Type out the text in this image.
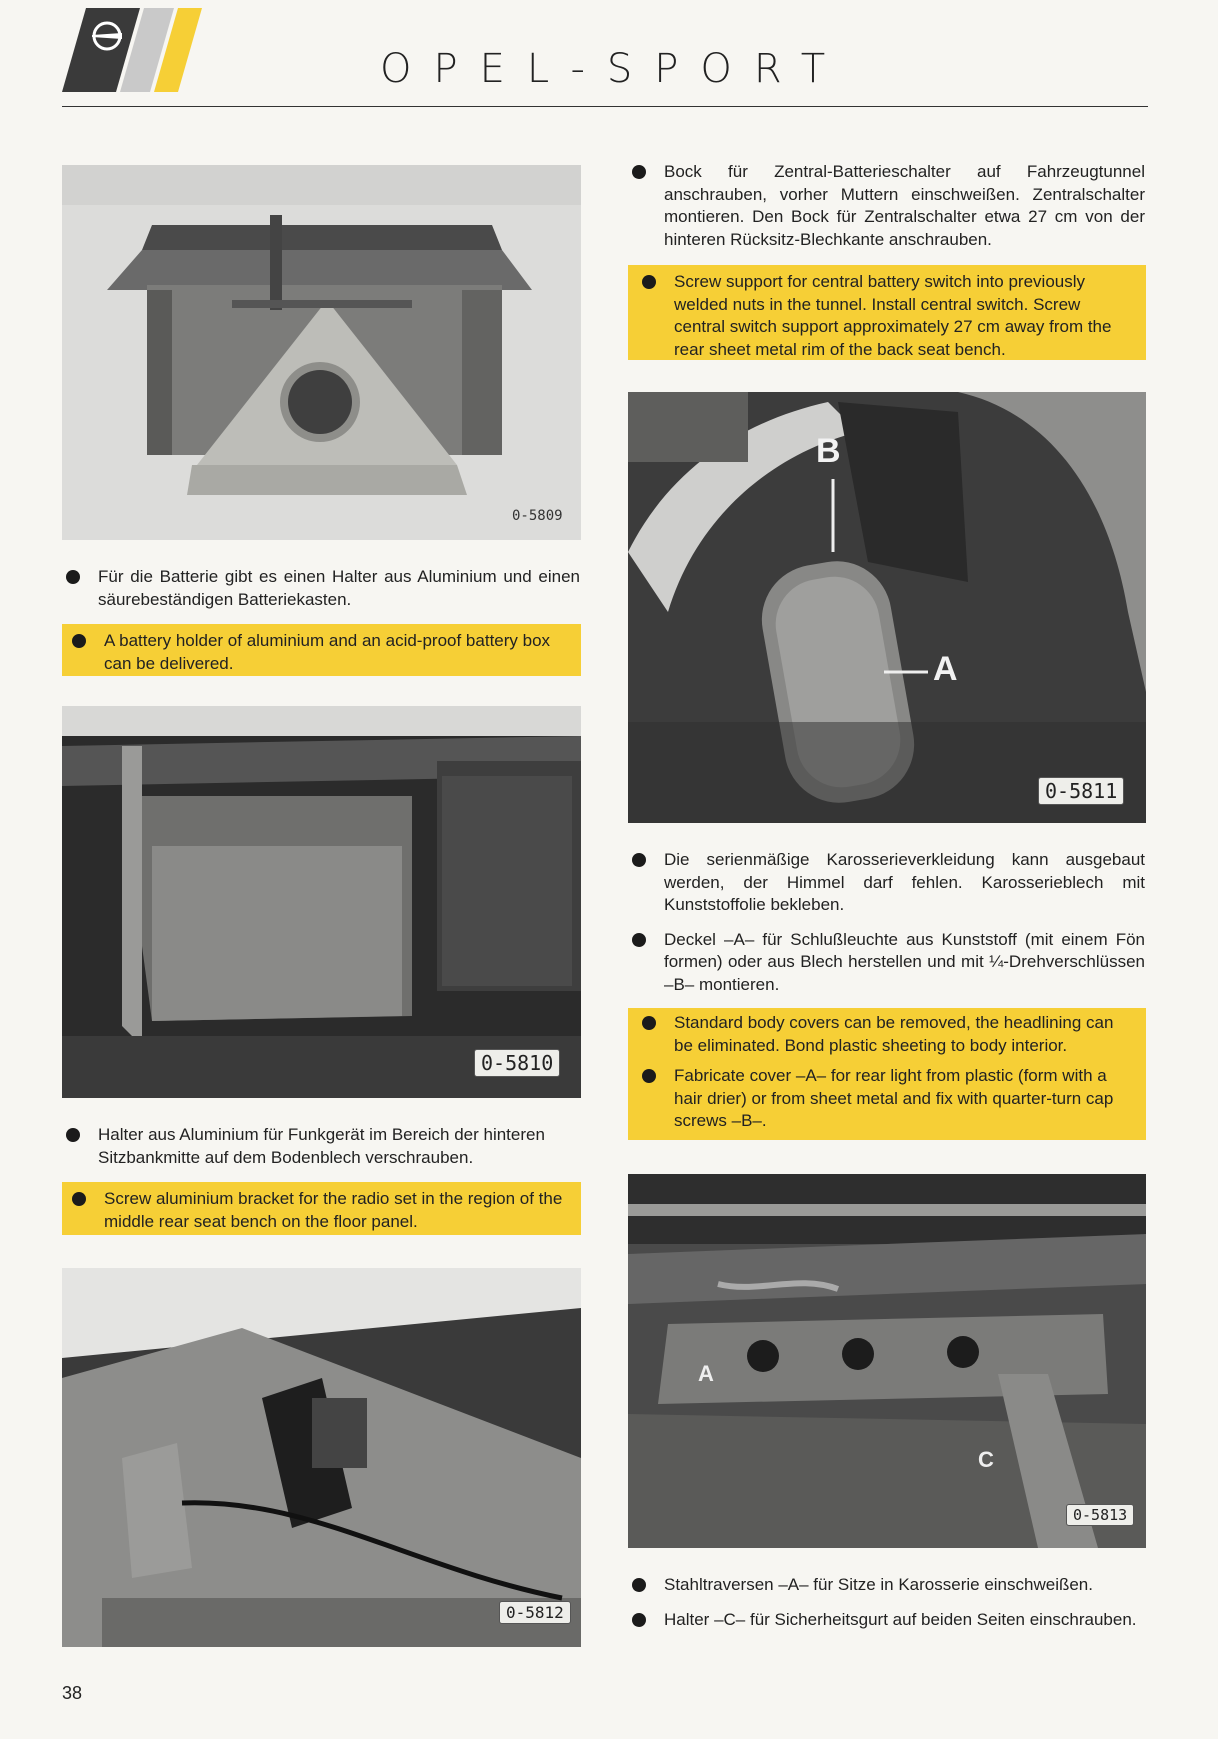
OPEL-SPORT
0-5809
Für die Batterie gibt es einen Halter aus Aluminium und einen säurebeständigen Batteriekasten.
A battery holder of aluminium and an acid-proof battery box can be delivered.
0-5810
Halter aus Aluminium für Funkgerät im Bereich der hinteren Sitzbankmitte auf dem Bodenblech verschrauben.
Screw aluminium bracket for the radio set in the region of the middle rear seat bench on the floor panel.
0-5812
Bock für Zentral-Batterieschalter auf Fahrzeugtunnel anschrauben, vorher Muttern einschweißen. Zentralschalter montieren. Den Bock für Zentralschalter etwa 27 cm von der hinteren Rücksitz-Blechkante anschrauben.
Screw support for central battery switch into previously welded nuts in the tunnel. Install central switch. Screw central switch support approximately 27 cm away from the rear sheet metal rim of the back seat bench.
B
A
0-5811
Die serienmäßige Karosserieverkleidung kann ausgebaut werden, der Himmel darf fehlen. Karosserieblech mit Kunststoffolie bekleben.
Deckel –A– für Schlußleuchte aus Kunststoff (mit einem Fön formen) oder aus Blech herstellen und mit ¼-Drehverschlüssen –B– montieren.
Standard body covers can be removed, the headlining can be eliminated. Bond plastic sheeting to body interior.
Fabricate cover –A– for rear light from plastic (form with a hair drier) or from sheet metal and fix with quarter-turn cap screws –B–.
A
C
0-5813
Stahltraversen –A– für Sitze in Karosserie einschweißen.
Halter –C– für Sicherheitsgurt auf beiden Seiten einschrauben.
38
